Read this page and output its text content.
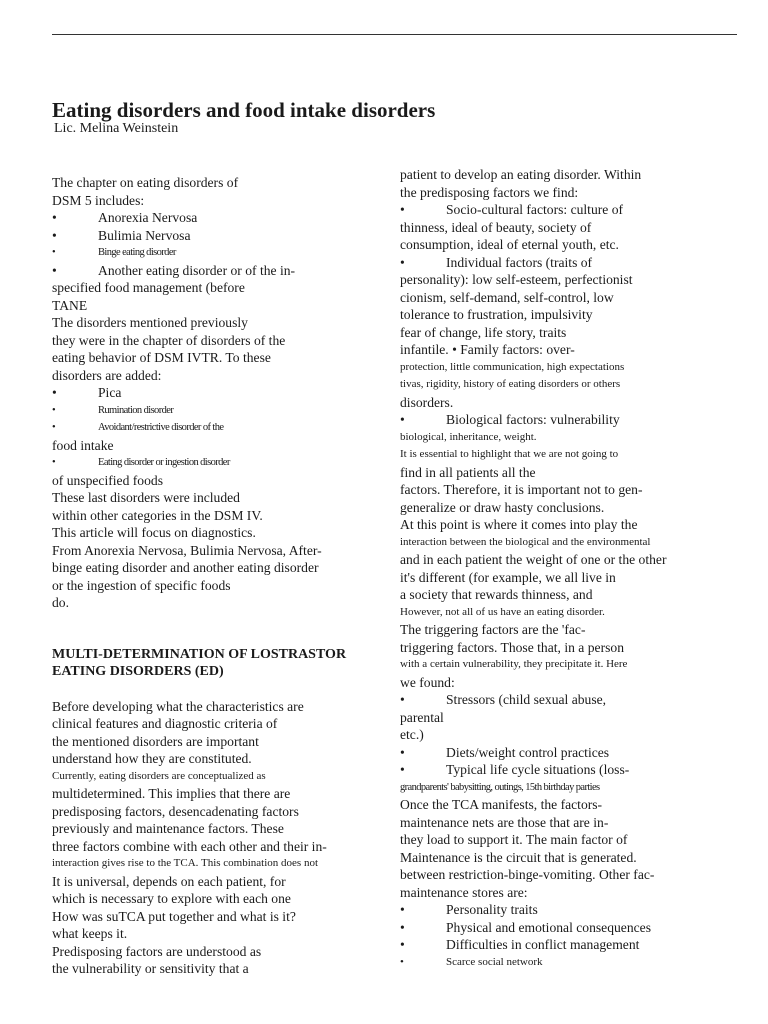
Eating disorders and food intake disorders
Lic. Melina Weinstein
The chapter on eating disorders of
DSM 5 includes:
•	Anorexia Nervosa
•	Bulimia Nervosa
•	Binge eating disorder
•	Another eating disorder or of the in-
specified food management (before
TANE
The disorders mentioned previously
they were in the chapter of disorders of the
eating behavior of DSM IVTR. To these
disorders are added:
•	Pica
•	Rumination disorder
•	Avoidant/restrictive disorder of the
food intake
•	Eating disorder or ingestion disorder
of unspecified foods
These last disorders were included
within other categories in the DSM IV.
This article will focus on diagnostics.
From Anorexia Nervosa, Bulimia Nervosa, After-
binge eating disorder and another eating disorder
or the ingestion of specific foods
do.
MULTI-DETERMINATION OF LOSTRASTOR
EATING DISORDERS (ED)
Before developing what the characteristics are
clinical features and diagnostic criteria of
the mentioned disorders are important
understand how they are constituted.
Currently, eating disorders are conceptualized as
multidetermined. This implies that there are
predisposing factors, desencadenating factors
previously and maintenance factors. These
three factors combine with each other and their in-
interaction gives rise to the TCA. This combination does not
It is universal, depends on each patient, for
which is necessary to explore with each one
How was suTCA put together and what is it?
what keeps it.
Predisposing factors are understood as
the vulnerability or sensitivity that a
patient to develop an eating disorder. Within
the predisposing factors we find:
•	Socio-cultural factors: culture of
thinness, ideal of beauty, society of
consumption, ideal of eternal youth, etc.
•	Individual factors (traits of
personality): low self-esteem, perfectionist
cionism, self-demand, self-control, low
tolerance to frustration, impulsivity
fear of change, life story, traits
infantile. • Family factors: over-
protection, little communication, high expectations
tivas, rigidity, history of eating disorders or others
disorders.
•	Biological factors: vulnerability
biological, inheritance, weight.
It is essential to highlight that we are not going to
find in all patients all the
factors. Therefore, it is important not to gen-
generalize or draw hasty conclusions.
At this point is where it comes into play the
interaction between the biological and the environmental
and in each patient the weight of one or the other
it's different (for example, we all live in
a society that rewards thinness, and
However, not all of us have an eating disorder.
The triggering factors are the 'fac-
triggering factors. Those that, in a person
with a certain vulnerability, they precipitate it. Here
we found:
•	Stressors (child sexual abuse,
parental
etc.)
•	Diets/weight control practices
•	Typical life cycle situations (loss-
grandparents' babysitting, outings, 15th birthday parties
Once the TCA manifests, the factors-
maintenance nets are those that are in-
they load to support it. The main factor of
Maintenance is the circuit that is generated.
between restriction-binge-vomiting. Other fac-
maintenance stores are:
•	Personality traits
•	Physical and emotional consequences
•	Difficulties in conflict management
•	Scarce social network
